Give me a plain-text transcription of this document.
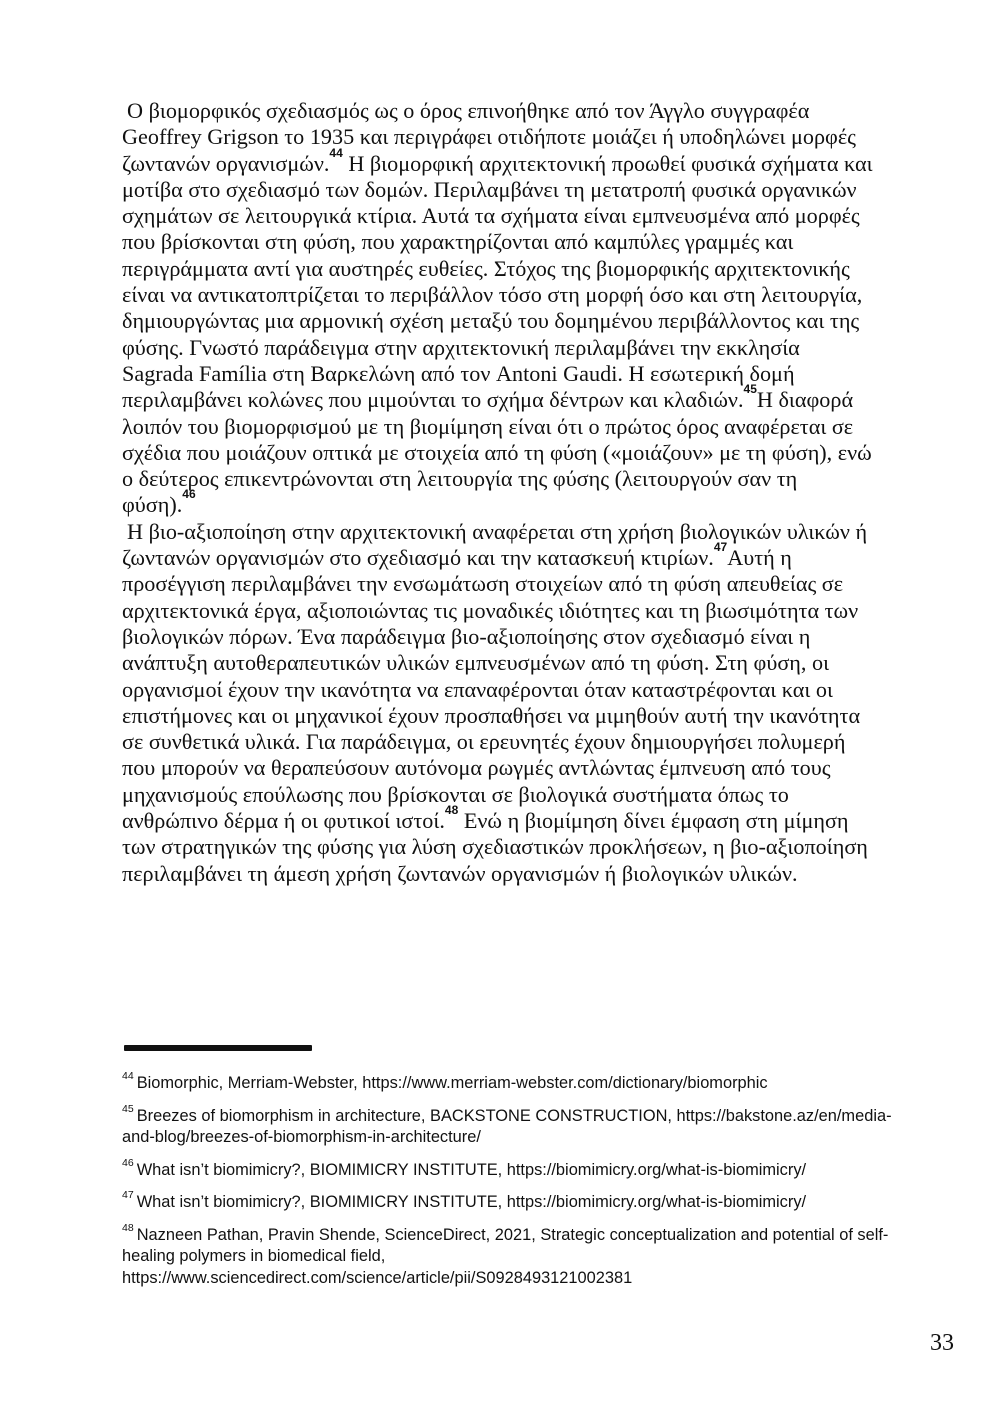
Ο βιομορφικός σχεδιασμός ως ο όρος επινοήθηκε από τον Άγγλο συγγραφέα Geoffrey Grigson το 1935 και περιγράφει οτιδήποτε μοιάζει ή υποδηλώνει μορφές ζωντανών οργανισμών.$^{44}$ Η βιομορφική αρχιτεκτονική προωθεί φυσικά σχήματα και μοτίβα στο σχεδιασμό των δομών. Περιλαμβάνει τη μετατροπή φυσικά οργανικών σχημάτων σε λειτουργικά κτίρια. Αυτά τα σχήματα είναι εμπνευσμένα από μορφές που βρίσκονται στη φύση, που χαρακτηρίζονται από καμπύλες γραμμές και περιγράμματα αντί για αυστηρές ευθείες. Στόχος της βιομορφικής αρχιτεκτονικής είναι να αντικατοπτρίζεται το περιβάλλον τόσο στη μορφή όσο και στη λειτουργία, δημιουργώντας μια αρμονική σχέση μεταξύ του δομημένου περιβάλλοντος και της φύσης. Γνωστό παράδειγμα στην αρχιτεκτονική περιλαμβάνει την εκκλησία Sagrada Família στη Βαρκελώνη από τον Antoni Gaudi. Η εσωτερική δομή περιλαμβάνει κολώνες που μιμούνται το σχήμα δέντρων και κλαδιών.$^{45}$Η διαφορά λοιπόν του βιομορφισμού με τη βιομίμηση είναι ότι ο πρώτος όρος αναφέρεται σε σχέδια που μοιάζουν οπτικά με στοιχεία από τη φύση («μοιάζουν» με τη φύση), ενώ ο δεύτερος επικεντρώνονται στη λειτουργία της φύσης (λειτουργούν σαν τη φύση).$^{46}$

Η βιο-αξιοποίηση στην αρχιτεκτονική αναφέρεται στη χρήση βιολογικών υλικών ή ζωντανών οργανισμών στο σχεδιασμό και την κατασκευή κτιρίων.$^{47}$Αυτή η προσέγγιση περιλαμβάνει την ενσωμάτωση στοιχείων από τη φύση απευθείας σε αρχιτεκτονικά έργα, αξιοποιώντας τις μοναδικές ιδιότητες και τη βιωσιμότητα των βιολογικών πόρων. Ένα παράδειγμα βιο-αξιοποίησης στον σχεδιασμό είναι η ανάπτυξη αυτοθεραπευτικών υλικών εμπνευσμένων από τη φύση. Στη φύση, οι οργανισμοί έχουν την ικανότητα να επαναφέρονται όταν καταστρέφονται και οι επιστήμονες και οι μηχανικοί έχουν προσπαθήσει να μιμηθούν αυτή την ικανότητα σε συνθετικά υλικά. Για παράδειγμα, οι ερευνητές έχουν δημιουργήσει πολυμερή που μπορούν να θεραπεύσουν αυτόνομα ρωγμές αντλώντας έμπνευση από τους μηχανισμούς επούλωσης που βρίσκονται σε βιολογικά συστήματα όπως το ανθρώπινο δέρμα ή οι φυτικοί ιστοί.$^{48}$ Ενώ η βιομίμηση δίνει έμφαση στη μίμηση των στρατηγικών της φύσης για λύση σχεδιαστικών προκλήσεων, η βιο-αξιοποίηση περιλαμβάνει τη άμεση χρήση ζωντανών οργανισμών ή βιολογικών υλικών.

$^{44}$ Biomorphic, Merriam-Webster, https://www.merriam-webster.com/dictionary/biomorphic
$^{45}$ Breezes of biomorphism in architecture, BACKSTONE CONSTRUCTION, https://bakstone.az/en/media-and-blog/breezes-of-biomorphism-in-architecture/
$^{46}$ What isn’t biomimicry?, BIOMIMICRY INSTITUTE, https://biomimicry.org/what-is-biomimicry/
$^{47}$ What isn’t biomimicry?, BIOMIMICRY INSTITUTE, https://biomimicry.org/what-is-biomimicry/
$^{48}$ Nazneen Pathan, Pravin Shende, ScienceDirect, 2021, Strategic conceptualization and potential of self-healing polymers in biomedical field, https://www.sciencedirect.com/science/article/pii/S0928493121002381
33
